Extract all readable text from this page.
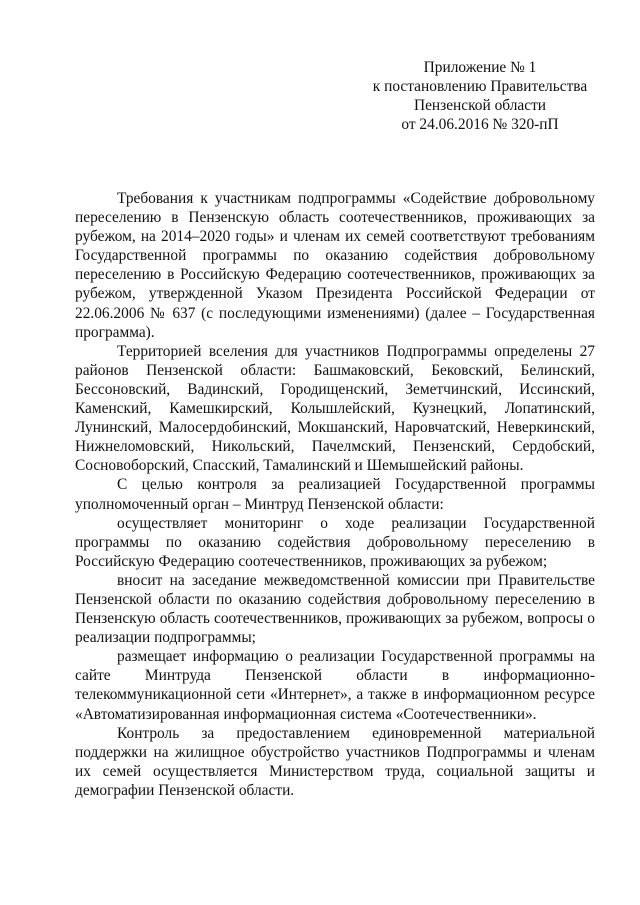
Приложение № 1
к постановлению Правительства
Пензенской области
от 24.06.2016 № 320-пП

Требования к участникам подпрограммы «Содействие добровольному переселению в Пензенскую область соотечественников, проживающих за рубежом, на 2014–2020 годы» и членам их семей соответствуют требованиям Государственной программы по оказанию содействия добровольному переселению в Российскую Федерацию соотечественников, проживающих за рубежом, утвержденной Указом Президента Российской Федерации от 22.06.2006 № 637 (с последующими изменениями) (далее – Государственная программа).

Территорией вселения для участников Подпрограммы определены 27 районов Пензенской области: Башмаковский, Бековский, Белинский, Бессоновский, Вадинский, Городищенский, Земетчинский, Иссинский, Каменский, Камешкирский, Колышлейский, Кузнецкий, Лопатинский, Лунинский, Малосердобинский, Мокшанский, Наровчатский, Неверкинский, Нижнеломовский, Никольский, Пачелмский, Пензенский, Сердобский, Сосновоборский, Спасский, Тамалинский и Шемышейский районы.

С целью контроля за реализацией Государственной программы уполномоченный орган – Минтруд Пензенской области:

осуществляет мониторинг о ходе реализации Государственной программы по оказанию содействия добровольному переселению в Российскую Федерацию соотечественников, проживающих за рубежом;

вносит на заседание межведомственной комиссии при Правительстве Пензенской области по оказанию содействия добровольному переселению в Пензенскую область соотечественников, проживающих за рубежом, вопросы о реализации подпрограммы;

размещает информацию о реализации Государственной программы на сайте Минтруда Пензенской области в информационно-телекоммуникационной сети «Интернет», а также в информационном ресурсе «Автоматизированная информационная система «Соотечественники».

Контроль за предоставлением единовременной материальной поддержки на жилищное обустройство участников Подпрограммы и членам их семей осуществляется Министерством труда, социальной защиты и демографии Пензенской области.
